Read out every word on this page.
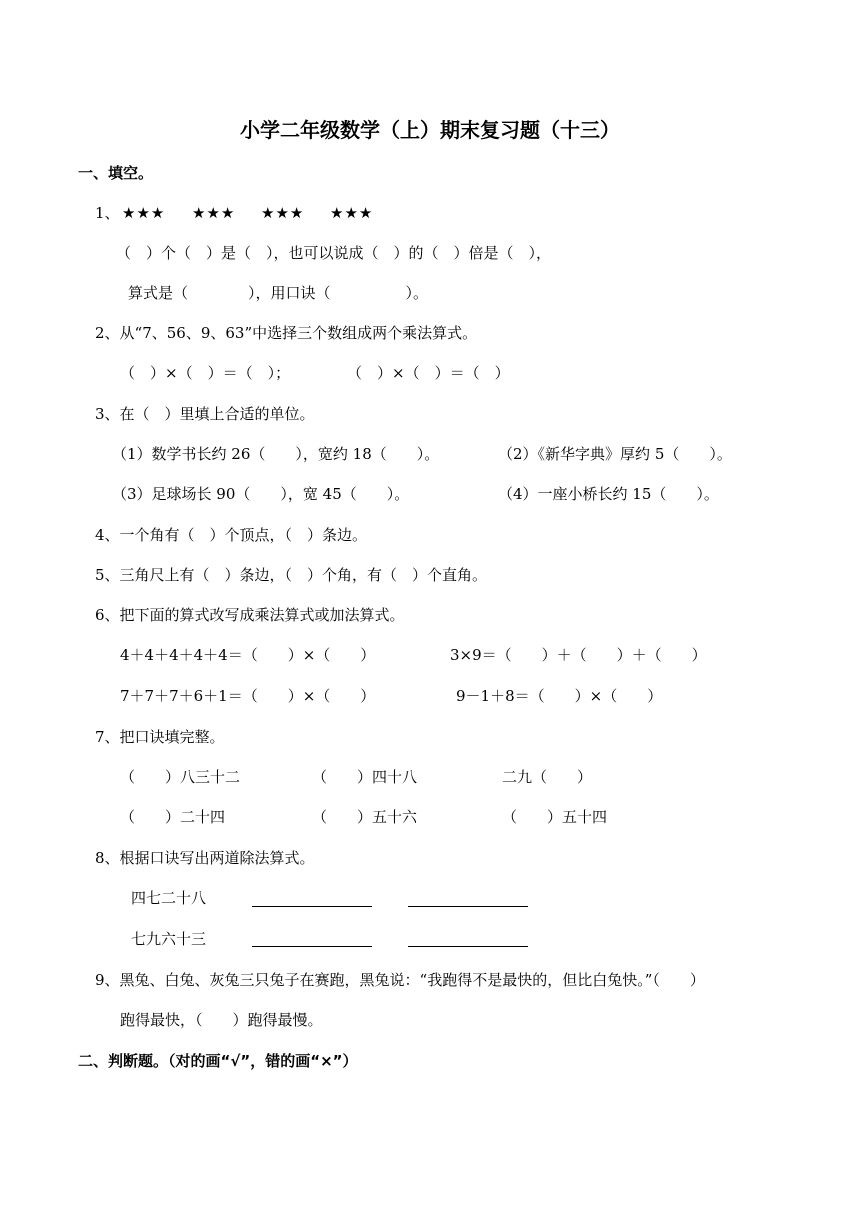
小学二年级数学（上）期末复习题（十三）
一、填空。
1、 ★★★ ★★★ ★★★ ★★★
（　）个（　）是（　），也可以说成（　）的（　）倍是（　），
算式是（　　　　），用口诀（　　　　　）。
2、从“7、56、9、63”中选择三个数组成两个乘法算式。
（　）×（　）＝（　）；	（　）×（　）＝（　）
3、在（　）里填上合适的单位。
（1）数学书长约 26（　　），宽约 18（　　）。	（2）《新华字典》厚约 5（　　）。
（3）足球场长 90（　　），宽 45（　　）。	（4）一座小桥长约 15（　　）。
4、一个角有（　）个顶点，（　）条边。
5、三角尺上有（　）条边，（　）个角，有（　）个直角。
6、把下面的算式改写成乘法算式或加法算式。
4＋4＋4＋4＋4＝（　　）×（　　）	3×9＝（　　）＋（　　）＋（　　）
7＋7＋7＋6＋1＝（　　）×（　　）	9－1＋8＝（　　）×（　　）
7、把口诀填完整。
（　　）八三十二	（　　）四十八	二九（　　）
（　　）二十四	（　　）五十六	（　　）五十四
8、根据口诀写出两道除法算式。
四七二十八
七九六十三
9、黑兔、白兔、灰兔三只兔子在赛跑，黑兔说：“我跑得不是最快的，但比白兔快。”（　　）
跑得最快，（　　）跑得最慢。
二、判断题。（对的画“√”，错的画“×”）
